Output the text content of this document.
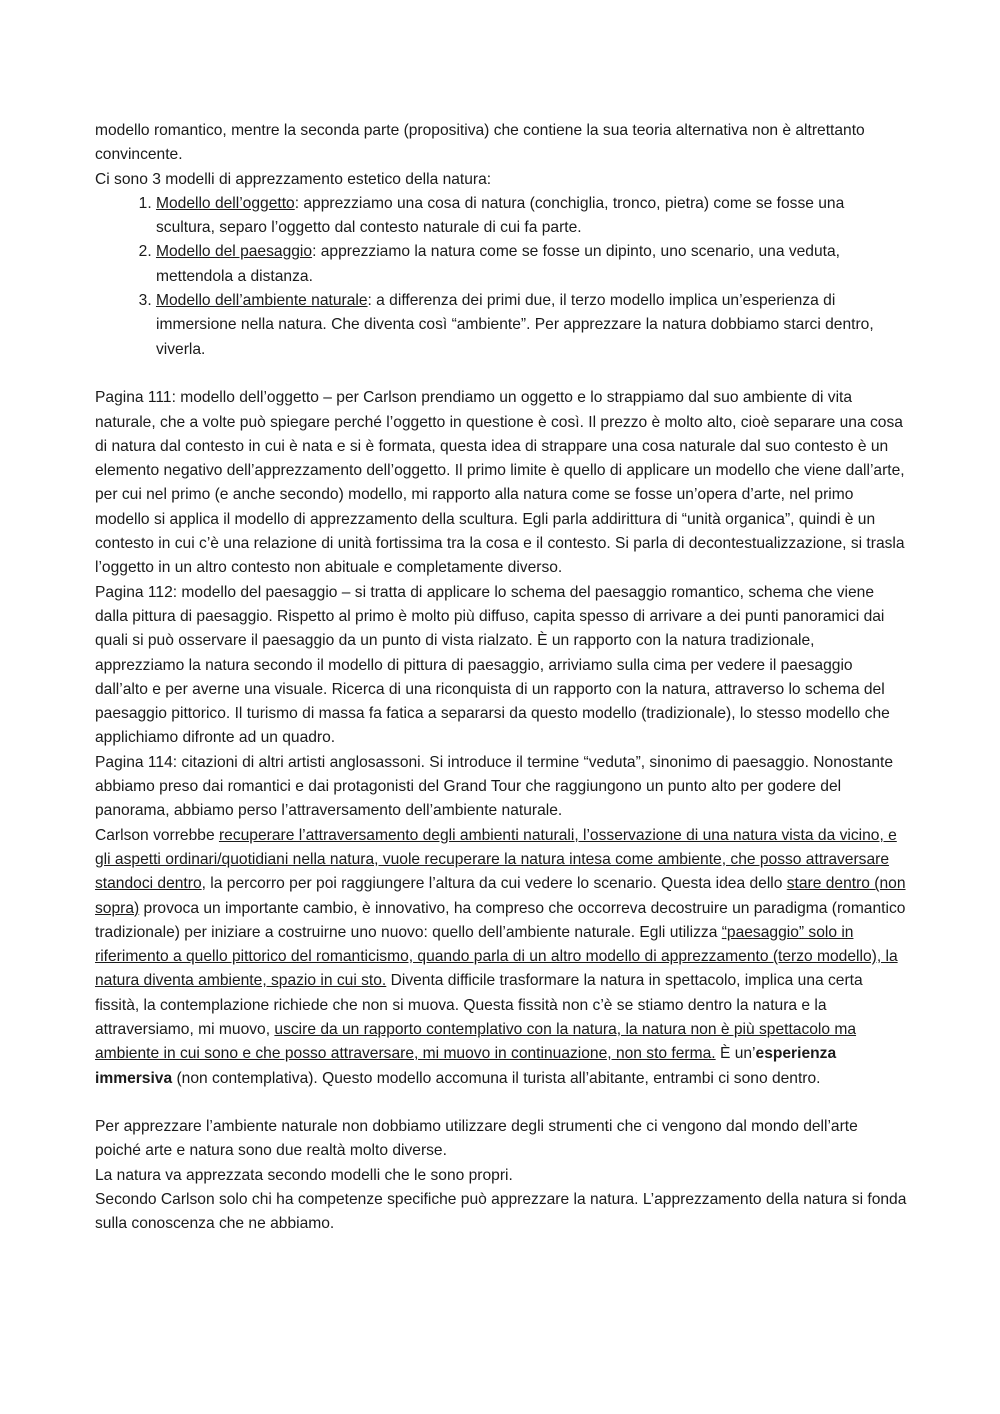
modello romantico, mentre la seconda parte (propositiva) che contiene la sua teoria alternativa non è altrettanto convincente.

Ci sono 3 modelli di apprezzamento estetico della natura:

1. Modello dell’oggetto: apprezziamo una cosa di natura (conchiglia, tronco, pietra) come se fosse una scultura, separo l’oggetto dal contesto naturale di cui fa parte.
2. Modello del paesaggio: apprezziamo la natura come se fosse un dipinto, uno scenario, una veduta, mettendola a distanza.
3. Modello dell’ambiente naturale: a differenza dei primi due, il terzo modello implica un’esperienza di immersione nella natura. Che diventa così “ambiente”. Per apprezzare la natura dobbiamo starci dentro, viverla.

Pagina 111: modello dell’oggetto – per Carlson prendiamo un oggetto e lo strappiamo dal suo ambiente di vita naturale, che a volte può spiegare perché l’oggetto in questione è così. Il prezzo è molto alto, cioè separare una cosa di natura dal contesto in cui è nata e si è formata, questa idea di strappare una cosa naturale dal suo contesto è un elemento negativo dell’apprezzamento dell’oggetto. Il primo limite è quello di applicare un modello che viene dall’arte, per cui nel primo (e anche secondo) modello, mi rapporto alla natura come se fosse un’opera d’arte, nel primo modello si applica il modello di apprezzamento della scultura. Egli parla addirittura di “unità organica”, quindi è un contesto in cui c’è una relazione di unità fortissima tra la cosa e il contesto. Si parla di decontestualizzazione, si trasla l’oggetto in un altro contesto non abituale e completamente diverso.

Pagina 112: modello del paesaggio – si tratta di applicare lo schema del paesaggio romantico, schema che viene dalla pittura di paesaggio. Rispetto al primo è molto più diffuso, capita spesso di arrivare a dei punti panoramici dai quali si può osservare il paesaggio da un punto di vista rialzato. È un rapporto con la natura tradizionale, apprezziamo la natura secondo il modello di pittura di paesaggio, arriviamo sulla cima per vedere il paesaggio dall’alto e per averne una visuale. Ricerca di una riconquista di un rapporto con la natura, attraverso lo schema del paesaggio pittorico. Il turismo di massa fa fatica a separarsi da questo modello (tradizionale), lo stesso modello che applichiamo difronte ad un quadro.

Pagina 114: citazioni di altri artisti anglosassoni. Si introduce il termine “veduta”, sinonimo di paesaggio. Nonostante abbiamo preso dai romantici e dai protagonisti del Grand Tour che raggiungono un punto alto per godere del panorama, abbiamo perso l’attraversamento dell’ambiente naturale.

Carlson vorrebbe recuperare l’attraversamento degli ambienti naturali, l’osservazione di una natura vista da vicino, e gli aspetti ordinari/quotidiani nella natura, vuole recuperare la natura intesa come ambiente, che posso attraversare standoci dentro, la percorro per poi raggiungere l’altura da cui vedere lo scenario. Questa idea dello stare dentro (non sopra) provoca un importante cambio, è innovativo, ha compreso che occorreva decostruire un paradigma (romantico tradizionale) per iniziare a costruirne uno nuovo: quello dell’ambiente naturale. Egli utilizza “paesaggio” solo in riferimento a quello pittorico del romanticismo, quando parla di un altro modello di apprezzamento (terzo modello), la natura diventa ambiente, spazio in cui sto. Diventa difficile trasformare la natura in spettacolo, implica una certa fissità, la contemplazione richiede che non si muova. Questa fissità non c’è se stiamo dentro la natura e la attraversiamo, mi muovo, uscire da un rapporto contemplativo con la natura, la natura non è più spettacolo ma ambiente in cui sono e che posso attraversare, mi muovo in continuazione, non sto ferma. È un’esperienza immersiva (non contemplativa). Questo modello accomuna il turista all’abitante, entrambi ci sono dentro.

Per apprezzare l’ambiente naturale non dobbiamo utilizzare degli strumenti che ci vengono dal mondo dell’arte poiché arte e natura sono due realtà molto diverse.

La natura va apprezzata secondo modelli che le sono propri.

Secondo Carlson solo chi ha competenze specifiche può apprezzare la natura. L’apprezzamento della natura si fonda sulla conoscenza che ne abbiamo.
